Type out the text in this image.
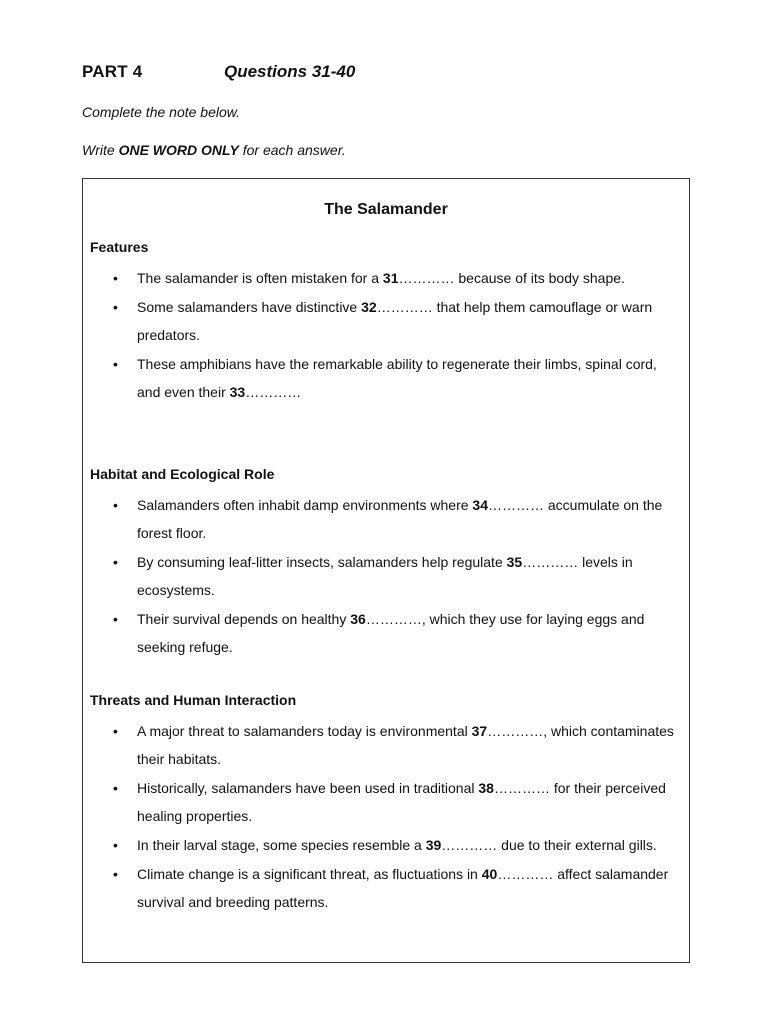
PART 4	Questions 31-40
Complete the note below.
Write ONE WORD ONLY for each answer.
The Salamander
Features
• The salamander is often mistaken for a 31………… because of its body shape.
• Some salamanders have distinctive 32………… that help them camouflage or warn predators.
• These amphibians have the remarkable ability to regenerate their limbs, spinal cord, and even their 33…………
Habitat and Ecological Role
• Salamanders often inhabit damp environments where 34………… accumulate on the forest floor.
• By consuming leaf-litter insects, salamanders help regulate 35………… levels in ecosystems.
• Their survival depends on healthy 36…………, which they use for laying eggs and seeking refuge.
Threats and Human Interaction
• A major threat to salamanders today is environmental 37…………, which contaminates their habitats.
• Historically, salamanders have been used in traditional 38………… for their perceived healing properties.
• In their larval stage, some species resemble a 39………… due to their external gills.
• Climate change is a significant threat, as fluctuations in 40………… affect salamander survival and breeding patterns.
